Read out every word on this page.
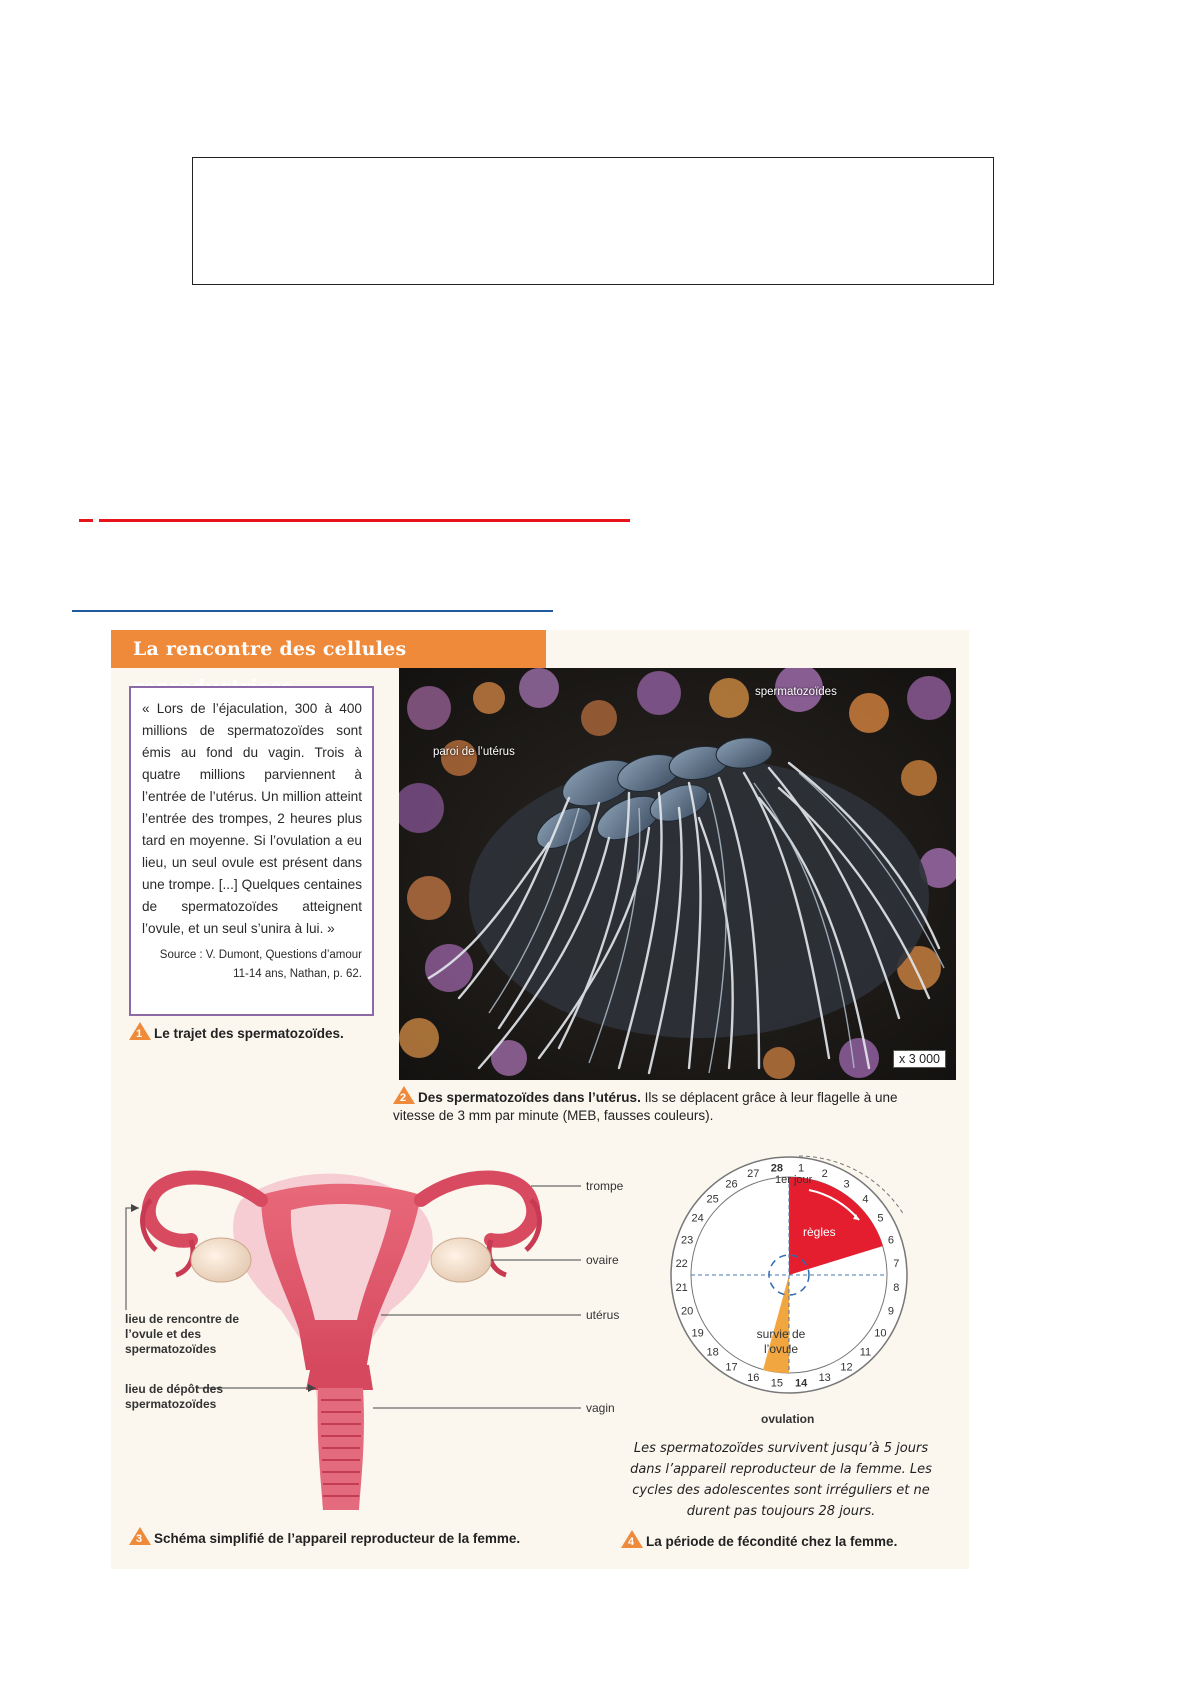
La rencontre des cellules
« Lors de l’éjaculation, 300 à 400 millions de spermatozoïdes sont émis au fond du vagin. Trois à quatre millions parviennent à l’entrée de l’utérus. Un million atteint l’entrée des trompes, 2 heures plus tard en moyenne. Si l’ovulation a eu lieu, un seul ovule est présent dans une trompe. [...] Quelques centaines de spermatozoïdes atteignent l’ovule, et un seul s’unira à lui. »
Source : V. Dumont, Questions d’amour 11-14 ans, Nathan, p. 62.
1 Le trajet des spermatozoïdes.
spermatozoïdes
paroi de l’utérus
x 3 000
2 Des spermatozoïdes dans l’utérus. Ils se déplacent grâce à leur flagelle à une vitesse de 3 mm par minute (MEB, fausses couleurs).
trompe
ovaire
utérus
vagin
lieu de rencontre de l’ovule et des spermatozoïdes
lieu de dépôt des spermatozoïdes
3 Schéma simplifié de l’appareil reproducteur de la femme.
1 2
3
4
5
6
7
8
9
10
11
12
13
14
15
16
17
18
19
20
21
22
23
24
25
26
27 28
1er jour
règles
survie de l’ovule
ovulation
Les spermatozoïdes survivent jusqu’à 5 jours dans l’appareil reproducteur de la femme. Les cycles des adolescentes sont irréguliers et ne durent pas toujours 28 jours.
4 La période de fécondité chez la femme.
